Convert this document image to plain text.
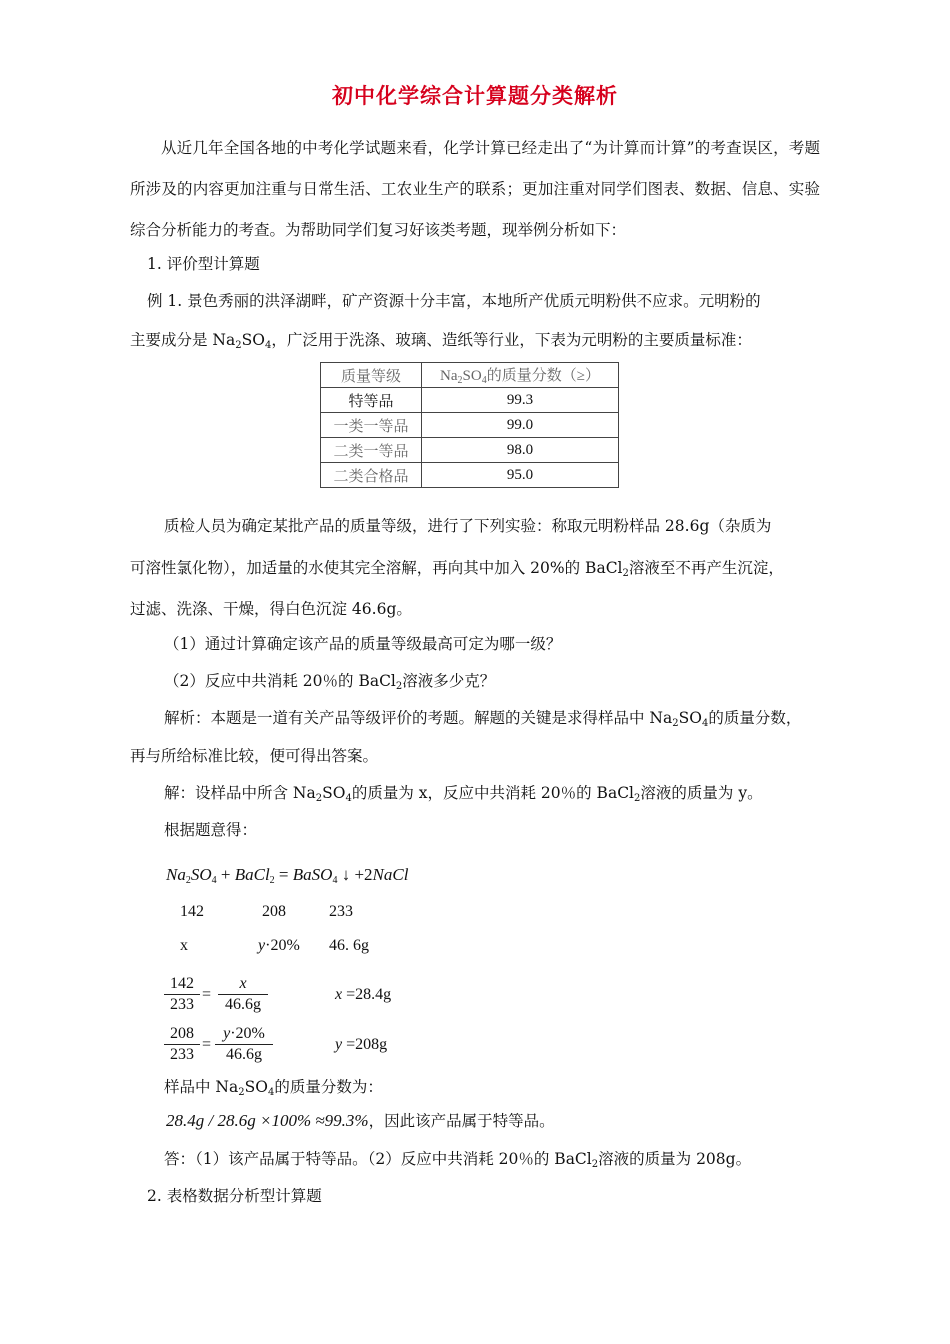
初中化学综合计算题分类解析
从近几年全国各地的中考化学试题来看，化学计算已经走出了“为计算而计算”的考查误区，考题所涉及的内容更加注重与日常生活、工农业生产的联系；更加注重对同学们图表、数据、信息、实验综合分析能力的考查。为帮助同学们复习好该类考题，现举例分析如下：
1. 评价型计算题
例 1. 景色秀丽的洪泽湖畔，矿产资源十分丰富，本地所产优质元明粉供不应求。元明粉的
主要成分是 $Na_2SO_4$，广泛用于洗涤、玻璃、造纸等行业，下表为元明粉的主要质量标准：
质量等级	$Na_2SO_4$的质量分数（≥）
特等品	99.3
一类一等品	99.0
二类一等品	98.0
二类合格品	95.0
质检人员为确定某批产品的质量等级，进行了下列实验：称取元明粉样品 28.6g（杂质为
可溶性氯化物），加适量的水使其完全溶解，再向其中加入 20%的 BaCl$_2$溶液至不再产生沉淀，
过滤、洗涤、干燥，得白色沉淀 46.6g。
（1）通过计算确定该产品的质量等级最高可定为哪一级？
（2）反应中共消耗 20％的 BaCl$_2$溶液多少克？
解析：本题是一道有关产品等级评价的考题。解题的关键是求得样品中 $Na_2SO_4$的质量分数，
再与所给标准比较，便可得出答案。
解：设样品中所含 $Na_2SO_4$的质量为 x，反应中共消耗 20％的 BaCl$_2$溶液的质量为 y。
根据题意得：
$Na_2SO_4$ + BaCl$_2$ = BaSO$_4$ ↓ +2NaCl
142	208	233
x	y·20% 46. 6g
$\frac{142}{233} = \frac{x}{46.6g}$	x =28.4g
$\frac{208}{233} = \frac{y\cdot 20\%}{46.6g}$	y =208g
样品中 $Na_2SO_4$的质量分数为：
28.4g / 28.6g ×100% ≈99.3%，因此该产品属于特等品。
答：（1）该产品属于特等品。（2）反应中共消耗 20％的 BaCl$_2$溶液的质量为 208g。
2. 表格数据分析型计算题
